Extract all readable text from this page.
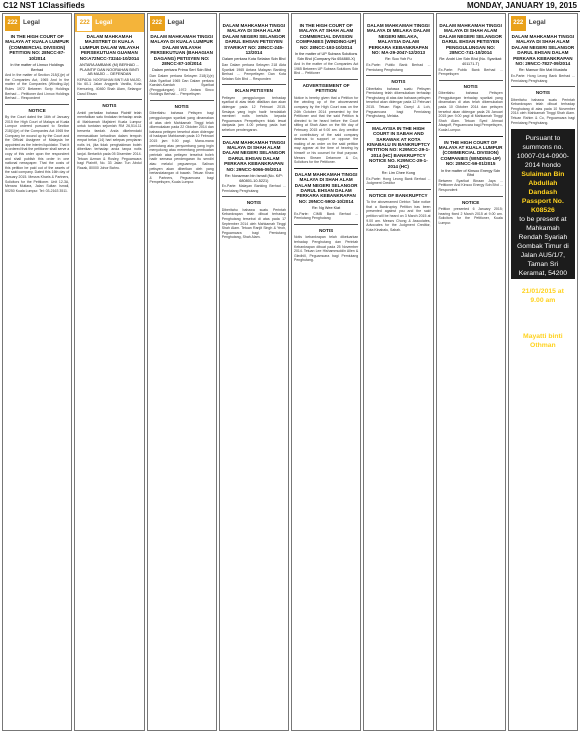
C12 NST 1Classifieds	MONDAY, JANUARY 19, 2015
222 Legal
IN THE HIGH COURT OF MALAYA AT KUALA LUMPUR (COMMERCIAL DIVISION) PETITION NO: 28NCC-87-10/2014
In the matter of Linnux Holdings Berhad
And In the matter of Section 218(1)(e) of the Companies Act, 1965 And In the matter of the Companies (Winding-Up) Rules 1972 Between Scrip Holdings Berhad ... Petitioner And Linnux Holdings Berhad ... Respondent
NOTICE
By the Court dated the 16th of January 2015 the High Court of Malaya at Kuala Lumpur ordered pursuant to Section 218(1)(e) of the Companies Act 1965 the Company be wound up by the Court and the Official Assignee of Malaysia be appointed as the interim liquidator. That it is ordered that the petitioner shall serve a copy of this order upon the respondent and shall publish this order in one national newspaper. That the costs of this petition be paid out of the assets of the said company. Dated this 16th day of January 2015. Messrs Kharis & Partners, Solicitors for the Petitioner. Unit 12-3A, Menara Mutiara, Jalan Sultan Ismail, 50250 Kuala Lumpur. Tel: 03-2163 3511.
222 Legal
DALAM MAHKAMAH MAJISTRET DI KUALA LUMPUR DALAM WILAYAH PERSEKUTUAN GUAMAN NO:A72NCC-73244-10/2014
ANTARA AMBANK (M) BERHAD ... PLAINTIF DAN NOORAHAN BINTI AB MAJID ... DEFENDAN
KEPADA: NOORAHAN BINTI AB MAJID, No 60-1 Jalan Anggerik Vanilla, Kota Kemuning, 40460 Shah Alam, Selangor Darul Ehsan
NOTIS
Ambil perhatian bahawa Plaintif telah memfailkan satu tindakan terhadap anda di Mahkamah Majistret Kuala Lumpur untuk tuntutan sejumlah RM 26,514.11 berserta faedah. Anda dikehendaki memasukkan kehadiran dalam tempoh empat belas (14) hari selepas penyiaran notis ini, jika tidak penghakiman boleh diberikan terhadap anda tanpa notis lanjut. Bertarikh pada 05 Disember 2014. Tetuan Azman & Rosley, Peguamcara bagi Plaintif, No. 33 Jalan Tun Abdul Razak, 80000 Johor Bahru.
222 Legal
DALAM MAHKAMAH TINGGI MALAYA DI KUALA LUMPUR DALAM WILAYAH PERSEKUTUAN (BAHAGIAN DAGANG) PETISYEN NO: 28NCC-87-10/2014
Dalam perkara Prima Seri Sdn Bhd
Dan Dalam perkara Seksyen 218(1)(e) Akta Syarikat 1965 Dan Dalam perkara Kaedah-Kaedah Syarikat (Penggulungan) 1972 Antara Sinco Holdings Berhad ... Pempetisyen
NOTIS
Diberitahu bahawa Petisyen bagi penggulungan syarikat yang dinamakan di atas oleh Mahkamah Tinggi telah dikemukakan pada 22 Oktober 2014 dan bahawa petisyen tersebut akan didengar di hadapan Mahkamah pada 10 Februari 2015 jam 9.00 pagi. Mana-mana pemiutang atau penyumbang yang ingin menyokong atau menentang pembuatan perintah atas petisyen tersebut boleh hadir semasa pendengaran itu sendiri atau melalui peguamnya. Salinan petisyen akan diberikan oleh yang bertandatangan di bawah. Tetuan Khaw & Partners, Peguamcara bagi Pempetisyen, Kuala Lumpur.
DALAM MAHKAMAH TINGGI MALAYA DI SHAH ALAM DALAM NEGERI SELANGOR DARUL EHSAN PETISYEN SYARIKAT NO: 28NCC-245-12/2014
Dalam perkara Kota Selatan Sdn Bhd
Dan Dalam perkara Seksyen 218 Akta Syarikat 1965 Antara Malayan Banking Berhad ... Pempetisyen Dan Kota Selatan Sdn Bhd ... Responden
IKLAN PETISYEN
Petisyen penggulungan terhadap syarikat di atas telah difailkan dan akan didengar pada 12 Februari 2015. Sesiapa yang ingin hadir hendaklah memberi notis bertulis kepada Peguamcara Pempetisyen tidak lewat daripada jam 4.00 petang pada hari sebelum pendengaran.
DALAM MAHKAMAH TINGGI MALAYA DI SHAH ALAM DALAM NEGERI SELANGOR DARUL EHSAN DALAM PERKARA KEBANKRAPAN NO: 29NCC-5066-09/2014
Re: Norazman bin Ismail (No. K/P: 680801-10-5221)
Ex-Parte: Malayan Banking Berhad ... Pemiutang Penghutang
NOTIS
Diberitahu bahawa suatu Perintah Kebankrapan telah dibuat terhadap Penghutang tersebut di atas pada 17 September 2014 oleh Mahkamah Tinggi Shah Alam. Tetuan Ranjit Singh & Yeoh, Peguamcara bagi Pemiutang Penghutang, Shah Alam.
IN THE HIGH COURT OF MALAYA AT SHAH ALAM COMMERCIAL DIVISION COMPANIES (WINDING-UP) NO: 28NCC-193-10/2014
In the matter of UP Subsea Solutions Sdn Bhd (Company No 654880-X)
And In the matter of the Companies Act 1965 Between UP Subsea Solutions Sdn Bhd ... Petitioner
ADVERTISEMENT OF PETITION
Notice is hereby given that a Petition for the winding up of the abovenamed company by the High Court was on the 24th October 2014 presented by the Petitioner and that the said Petition is directed to be heard before the Court sitting at Shah Alam on the 9th day of February 2015 at 9.00 am. Any creditor or contributory of the said company desirous to support or oppose the making of an order on the said petition may appear at the time of hearing by himself or his counsel for that purpose. Messrs Shearn Delamore & Co, Solicitors for the Petitioner.
DALAM MAHKAMAH TINGGI MALAYA DI SHAH ALAM DALAM NEGERI SELANGOR DARUL EHSAN DALAM PERKARA KEBANKRAPAN NO: 29NCC-5902-10/2014
Re: Ng Wee Kiat
Ex-Parte: CIMB Bank Berhad ... Pemiutang Penghutang
NOTIS
Notis kebankrapan telah dikeluarkan terhadap Penghutang dan Perintah Kebankrapan dibuat pada 25 November 2014. Tetuan Lee Hishammuddin Allen & Gledhill, Peguamcara bagi Pemiutang Penghutang.
DALAM MAHKAMAH TINGGI MALAYA DI MELAKA DALAM NEGERI MELAKA, MALAYSIA DALAM PERKARA KEBANKRAPAN NO: MA-29-2047-12/2013
Re: Soo Yoh Fu
Ex-Parte: Public Bank Berhad ... Pemiutang Penghutang
NOTIS
Diberitahu bahawa suatu Petisyen Pemiutang telah dikemukakan terhadap Penghutang di atas dan bahawa petisyen tersebut akan didengar pada 12 Februari 2015. Tetuan Raja Darryl & Loh, Peguamcara bagi Pemiutang Penghutang, Melaka.
MALAYSIA IN THE HIGH COURT IN SABAH AND SARAWAK AT KOTA KINABALU IN BANKRUPTCY PETITION NO: K29NCC-29-1-2014 (HC) BANKRUPTCY NOTICE NO. K29NCC-29-1-2014 (HC)
Re: Lim Chee Kong
Ex-Parte: Hong Leong Bank Berhad ... Judgment Creditor
NOTICE OF BANKRUPTCY
To the abovenamed Debtor: Take notice that a Bankruptcy Petition has been presented against you and the said petition will be heard on 3 March 2015 at 9.00 am. Messrs Chong & Associates, Advocates for the Judgment Creditor, Kota Kinabalu, Sabah.
DALAM MAHKAMAH TINGGI MALAYA DI SHAH ALAM DALAM NEGERI SELANGOR DARUL EHSAN PETISYEN PENGGULUNGAN NO: 28NCC-741-10/2014
Re: Andri Lim Sdn Bhd (No. Syarikat: 401171-T)
Ex-Parte: Public Bank Berhad ... Pempetisyen
NOTIS
Diberitahu bahawa Petisyen Penggulungan terhadap syarikat yang dinamakan di atas telah dikemukakan pada 10 Oktober 2014 dan petisyen tersebut akan didengar pada 26 Januari 2015 jam 9.00 pagi di Mahkamah Tinggi Shah Alam. Tetuan Syed Ahmad Alsagoff, Peguamcara bagi Pempetisyen, Kuala Lumpur.
IN THE HIGH COURT OF MALAYA AT KUALA LUMPUR (COMMERCIAL DIVISION) COMPANIES (WINDING-UP) NO: 28NCC-59-01/2015
In the matter of Kinsoo Energy Sdn Bhd
Between Syarikat Binaan Jaya ... Petitioner And Kinsoo Energy Sdn Bhd ... Respondent
NOTICE
Petition presented 6 January 2015; hearing fixed 2 March 2015 at 9.00 am. Solicitors for the Petitioner, Kuala Lumpur.
222 Legal
DALAM MAHKAMAH TINGGI MALAYA DI SHAH ALAM DALAM NEGERI SELANGOR DARUL EHSAN DALAM PERKARA KEBANKRAPAN NO: 29NCC-7827-09/2014
Re: Mansor Bin Mat Mustafa
Ex-Parte: Hong Leong Bank Berhad ... Pemiutang Penghutang
NOTIS
Diberitahu bahawa suatu Perintah Kebankrapan telah dibuat terhadap Penghutang di atas pada 10 November 2014 oleh Mahkamah Tinggi Shah Alam. Tetuan Rahim & Co, Peguamcara bagi Pemiutang Penghutang.
Pursuant to summons no.
10007-014-0900-2014 hondo
Sulaiman Bin Abdullah Dandash Passport No. K08526
to be present at Mahkamah Rendah Syariah Gombak Timur di Jalan AU5/1/7, Taman Sri Keramat, 54200 Kuala Lumpur on
21/01/2015 at 9.00 am
for divorce proceedings filed by your spouse
Mayatti binti Othman
(NRIC: 891109-05-5310).
Verdict will be sentenced with or without your presence.
